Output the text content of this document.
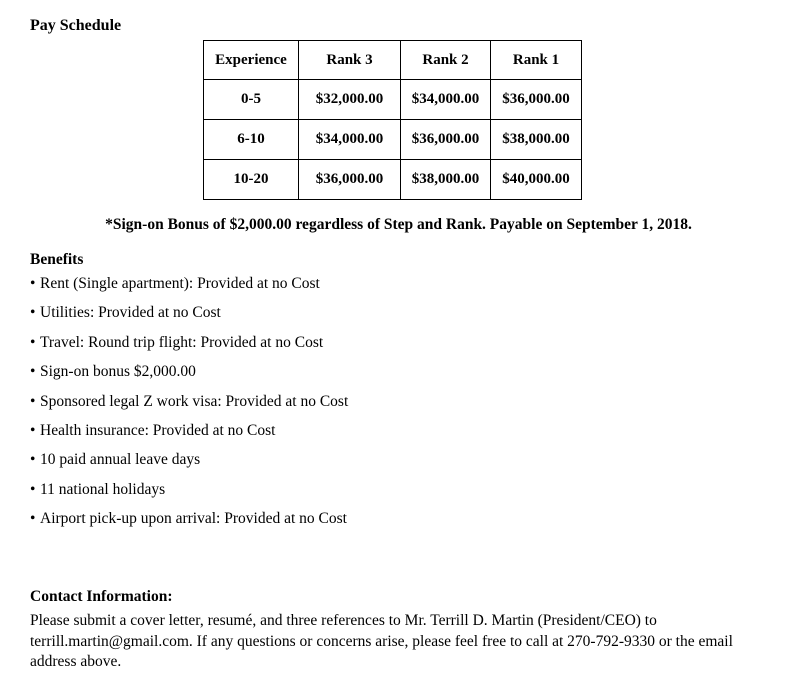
Pay Schedule
Experience	Rank 3	Rank 2	Rank 1
0-5	$32,000.00	$34,000.00	$36,000.00
6-10	$34,000.00	$36,000.00	$38,000.00
10-20	$36,000.00	$38,000.00	$40,000.00
*Sign-on Bonus of $2,000.00 regardless of Step and Rank. Payable on September 1, 2018.
Benefits
• Rent (Single apartment): Provided at no Cost
• Utilities: Provided at no Cost
• Travel: Round trip flight: Provided at no Cost
• Sign-on bonus $2,000.00
• Sponsored legal Z work visa: Provided at no Cost
• Health insurance: Provided at no Cost
• 10 paid annual leave days
• 11 national holidays
• Airport pick-up upon arrival: Provided at no Cost
Contact Information:
Please submit a cover letter, resumé, and three references to Mr. Terrill D. Martin (President/CEO) to terrill.martin@gmail.com. If any questions or concerns arise, please feel free to call at 270-792-9330 or the email address above.
